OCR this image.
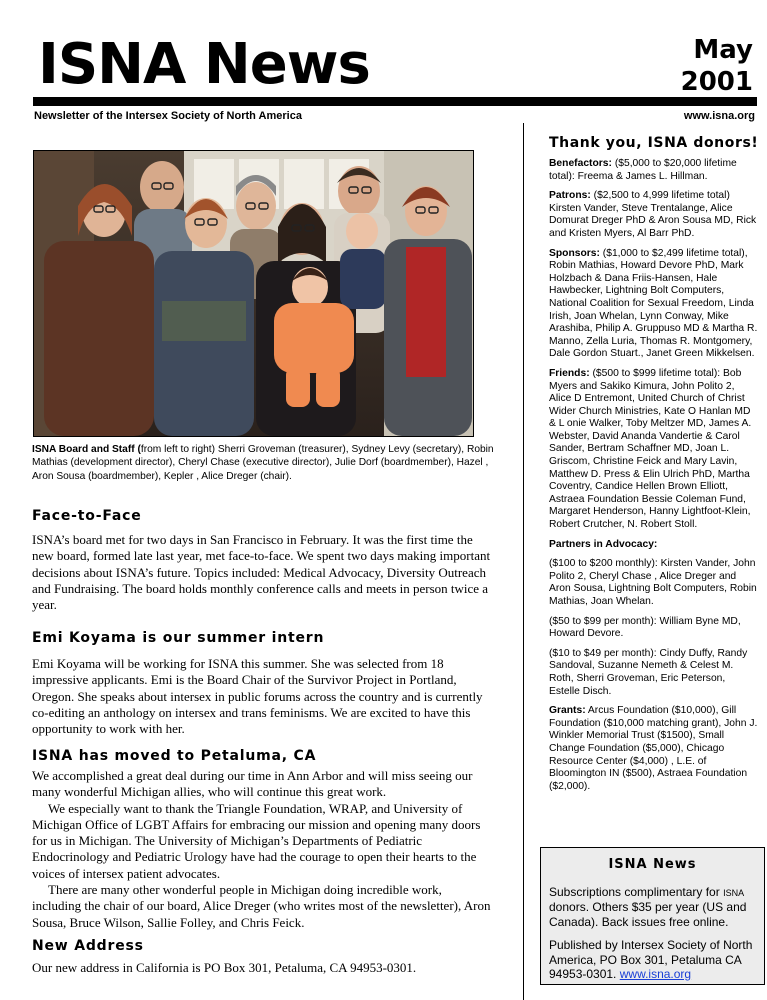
ISNA News	May
2001
Newsletter of the Intersex Society of North America	www.isna.org
ISNA Board and Staff (from left to right) Sherri Groveman (treasurer), Sydney Levy (secretary), Robin Mathias (development director), Cheryl Chase (executive director), Julie Dorf (boardmember), Hazel , Aron Sousa (boardmember), Kepler , Alice Dreger (chair).
Face-to-Face

ISNA’s board met for two days in San Francisco in February. It was the first time the new board, formed late last year, met face-to-face. We spent two days making important decisions about ISNA’s future. Topics included: Medical Advocacy, Diversity Outreach and Fundraising. The board holds monthly conference calls and meets in person twice a year.

Emi Koyama is our summer intern

Emi Koyama will be working for ISNA this summer. She was selected from 18 impressive applicants. Emi is the Board Chair of the Survivor Project in Portland, Oregon. She speaks about intersex in public forums across the country and is currently co-editing an anthology on intersex and trans feminisms. We are excited to have this opportunity to work with her.

ISNA has moved to Petaluma, CA

We accomplished a great deal during our time in Ann Arbor and will miss seeing our many wonderful Michigan allies, who will continue this great work.

We especially want to thank the Triangle Foundation, WRAP, and University of Michigan Office of LGBT Affairs for embracing our mission and opening many doors for us in Michigan. The University of Michigan’s Departments of Pediatric Endocrinology and Pediatric Urology have had the courage to open their hearts to the voices of intersex patient advocates.

There are many other wonderful people in Michigan doing incredible work, including the chair of our board, Alice Dreger (who writes most of the newsletter), Aron Sousa, Bruce Wilson, Sallie Folley, and Chris Feick.

New Address

Our new address in California is PO Box 301, Petaluma, CA 94953-0301.

Thank you, ISNA donors!

Benefactors: ($5,000 to $20,000 lifetime total): Freema & James L. Hillman.

Patrons: ($2,500 to 4,999 lifetime total) Kirsten Vander, Steve Trentalange, Alice Domurat Dreger PhD & Aron Sousa MD, Rick and Kristen Myers, Al Barr PhD.

Sponsors: ($1,000 to $2,499 lifetime total), Robin Mathias, Howard Devore PhD, Mark Holzbach & Dana Friis-Hansen, Hale Hawbecker, Lightning Bolt Computers, National Coalition for Sexual Freedom, Linda Irish, Joan Whelan, Lynn Conway, Mike Arashiba, Philip A. Gruppuso MD & Martha R. Manno, Zella Luria, Thomas R. Montgomery, Dale Gordon Stuart., Janet Green Mikkelsen.

Friends: ($500 to $999 lifetime total): Bob Myers and Sakiko Kimura, John Polito 2, Alice D Entremont, United Church of Christ Wider Church Ministries, Kate O Hanlan MD & L onie Walker, Toby Meltzer MD, James A. Webster, David Ananda Vandertie & Carol Sander, Bertram Schaffner MD, Joan L. Griscom, Christine Feick and Mary Lavin, Matthew D. Press & Elin Ulrich PhD, Martha Coventry, Candice Hellen Brown Elliott, Astraea Foundation Bessie Coleman Fund, Margaret Henderson, Hanny Lightfoot-Klein, Robert Crutcher, N. Robert Stoll.

Partners in Advocacy:

($100 to $200 monthly): Kirsten Vander, John Polito 2, Cheryl Chase , Alice Dreger and Aron Sousa, Lightning Bolt Computers, Robin Mathias, Joan Whelan.

($50 to $99 per month): William Byne MD, Howard Devore.

($10 to $49 per month): Cindy Duffy, Randy Sandoval, Suzanne Nemeth & Celest M. Roth, Sherri Groveman, Eric Peterson, Estelle Disch.

Grants: Arcus Foundation ($10,000), Gill Foundation ($10,000 matching grant), John J. Winkler Memorial Trust ($1500), Small Change Foundation ($5,000), Chicago Resource Center ($4,000) , L.E. of Bloomington IN ($500), Astraea Foundation ($2,000).

ISNA News

Subscriptions complimentary for ISNA donors. Others $35 per year (US and Canada). Back issues free online.

Published by Intersex Society of North America, PO Box 301, Petaluma CA 94953-0301. www.isna.org
